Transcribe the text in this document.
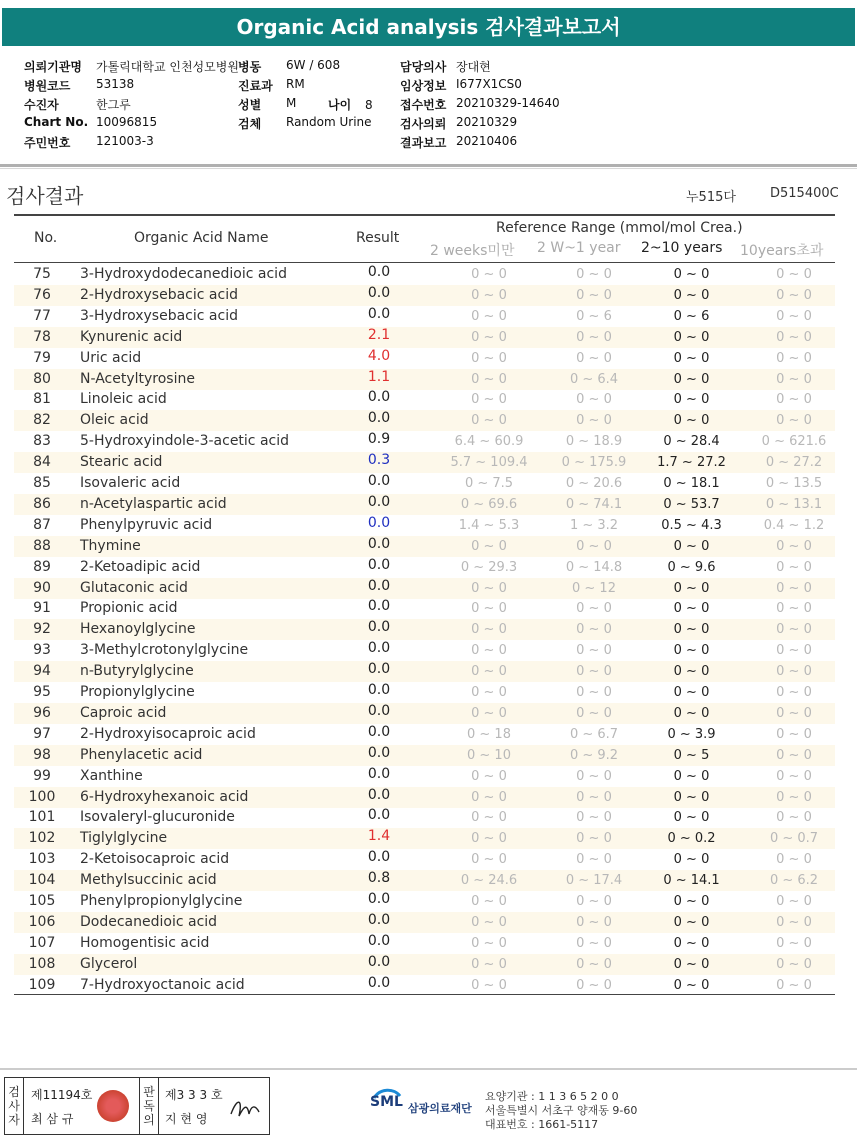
Organic Acid analysis 검사결과보고서
의뢰기관명 가톨릭대학교 인천성모병원
병원코드 53138
수진자	한그루
Chart No. 10096815
주민번호 121003-3
병동 6W / 608
진료과 RM
성별 M
검체 Random Urine
담당의사 장대현
임상정보 I677X1CS0
접수번호 20210329-14640
검사의뢰 20210329
결과보고 20210406
나이 8
검사결과	누515다	D515400C
No.	Organic Acid Name	Result
Reference Range (mmol/mol Crea.)
2 weeks미만 2 W~1 year 2~10 years 10years초과
75	3-Hydroxydodecanedioic acid	0.0	0 ~ 0	0 ~ 0	0 ~ 0	0 ~ 0
76	2-Hydroxysebacic acid	0.0	0 ~ 0	0 ~ 0	0 ~ 0	0 ~ 0
77	3-Hydroxysebacic acid	0.0	0 ~ 0	0 ~ 6	0 ~ 6	0 ~ 0
78	Kynurenic acid	2.1	0 ~ 0	0 ~ 0	0 ~ 0	0 ~ 0
79	Uric acid	4.0	0 ~ 0	0 ~ 0	0 ~ 0	0 ~ 0
80	N-Acetyltyrosine	1.1	0 ~ 0	0 ~ 6.4	0 ~ 0	0 ~ 0
81	Linoleic acid	0.0	0 ~ 0	0 ~ 0	0 ~ 0	0 ~ 0
82	Oleic acid	0.0	0 ~ 0	0 ~ 0	0 ~ 0	0 ~ 0
83	5-Hydroxyindole-3-acetic acid	0.9	6.4 ~ 60.9	0 ~ 18.9	0 ~ 28.4	0 ~ 621.6
84	Stearic acid	0.3	5.7 ~ 109.4	0 ~ 175.9	1.7 ~ 27.2	0 ~ 27.2
85	Isovaleric acid	0.0	0 ~ 7.5	0 ~ 20.6	0 ~ 18.1	0 ~ 13.5
86	n-Acetylaspartic acid	0.0	0 ~ 69.6	0 ~ 74.1	0 ~ 53.7	0 ~ 13.1
87	Phenylpyruvic acid	0.0	1.4 ~ 5.3	1 ~ 3.2	0.5 ~ 4.3	0.4 ~ 1.2
88	Thymine	0.0	0 ~ 0	0 ~ 0	0 ~ 0	0 ~ 0
89	2-Ketoadipic acid	0.0	0 ~ 29.3	0 ~ 14.8	0 ~ 9.6	0 ~ 0
90	Glutaconic acid	0.0	0 ~ 0	0 ~ 12	0 ~ 0	0 ~ 0
91	Propionic acid	0.0	0 ~ 0	0 ~ 0	0 ~ 0	0 ~ 0
92	Hexanoylglycine	0.0	0 ~ 0	0 ~ 0	0 ~ 0	0 ~ 0
93	3-Methylcrotonylglycine	0.0	0 ~ 0	0 ~ 0	0 ~ 0	0 ~ 0
94	n-Butyrylglycine	0.0	0 ~ 0	0 ~ 0	0 ~ 0	0 ~ 0
95	Propionylglycine	0.0	0 ~ 0	0 ~ 0	0 ~ 0	0 ~ 0
96	Caproic acid	0.0	0 ~ 0	0 ~ 0	0 ~ 0	0 ~ 0
97	2-Hydroxyisocaproic acid	0.0	0 ~ 18	0 ~ 6.7	0 ~ 3.9	0 ~ 0
98	Phenylacetic acid	0.0	0 ~ 10	0 ~ 9.2	0 ~ 5	0 ~ 0
99	Xanthine	0.0	0 ~ 0	0 ~ 0	0 ~ 0	0 ~ 0
100	6-Hydroxyhexanoic acid	0.0	0 ~ 0	0 ~ 0	0 ~ 0	0 ~ 0
101	Isovaleryl-glucuronide	0.0	0 ~ 0	0 ~ 0	0 ~ 0	0 ~ 0
102	Tiglylglycine	1.4	0 ~ 0	0 ~ 0	0 ~ 0.2	0 ~ 0.7
103	2-Ketoisocaproic acid	0.0	0 ~ 0	0 ~ 0	0 ~ 0	0 ~ 0
104	Methylsuccinic acid	0.8	0 ~ 24.6	0 ~ 17.4	0 ~ 14.1	0 ~ 6.2
105	Phenylpropionylglycine	0.0	0 ~ 0	0 ~ 0	0 ~ 0	0 ~ 0
106	Dodecanedioic acid	0.0	0 ~ 0	0 ~ 0	0 ~ 0	0 ~ 0
107	Homogentisic acid	0.0	0 ~ 0	0 ~ 0	0 ~ 0	0 ~ 0
108	Glycerol	0.0	0 ~ 0	0 ~ 0	0 ~ 0	0 ~ 0
109	7-Hydroxyoctanoic acid	0.0	0 ~ 0	0 ~ 0	0 ~ 0	0 ~ 0
검
사
자
제11194호
최 삼 규
판
독
의
제3 3 3 호
지 현 영
SML 삼광의료재단
요양기관 : 1 1 3 6 5 2 0 0
서울특별시 서초구 양재동 9-60
대표번호 : 1661-5117
